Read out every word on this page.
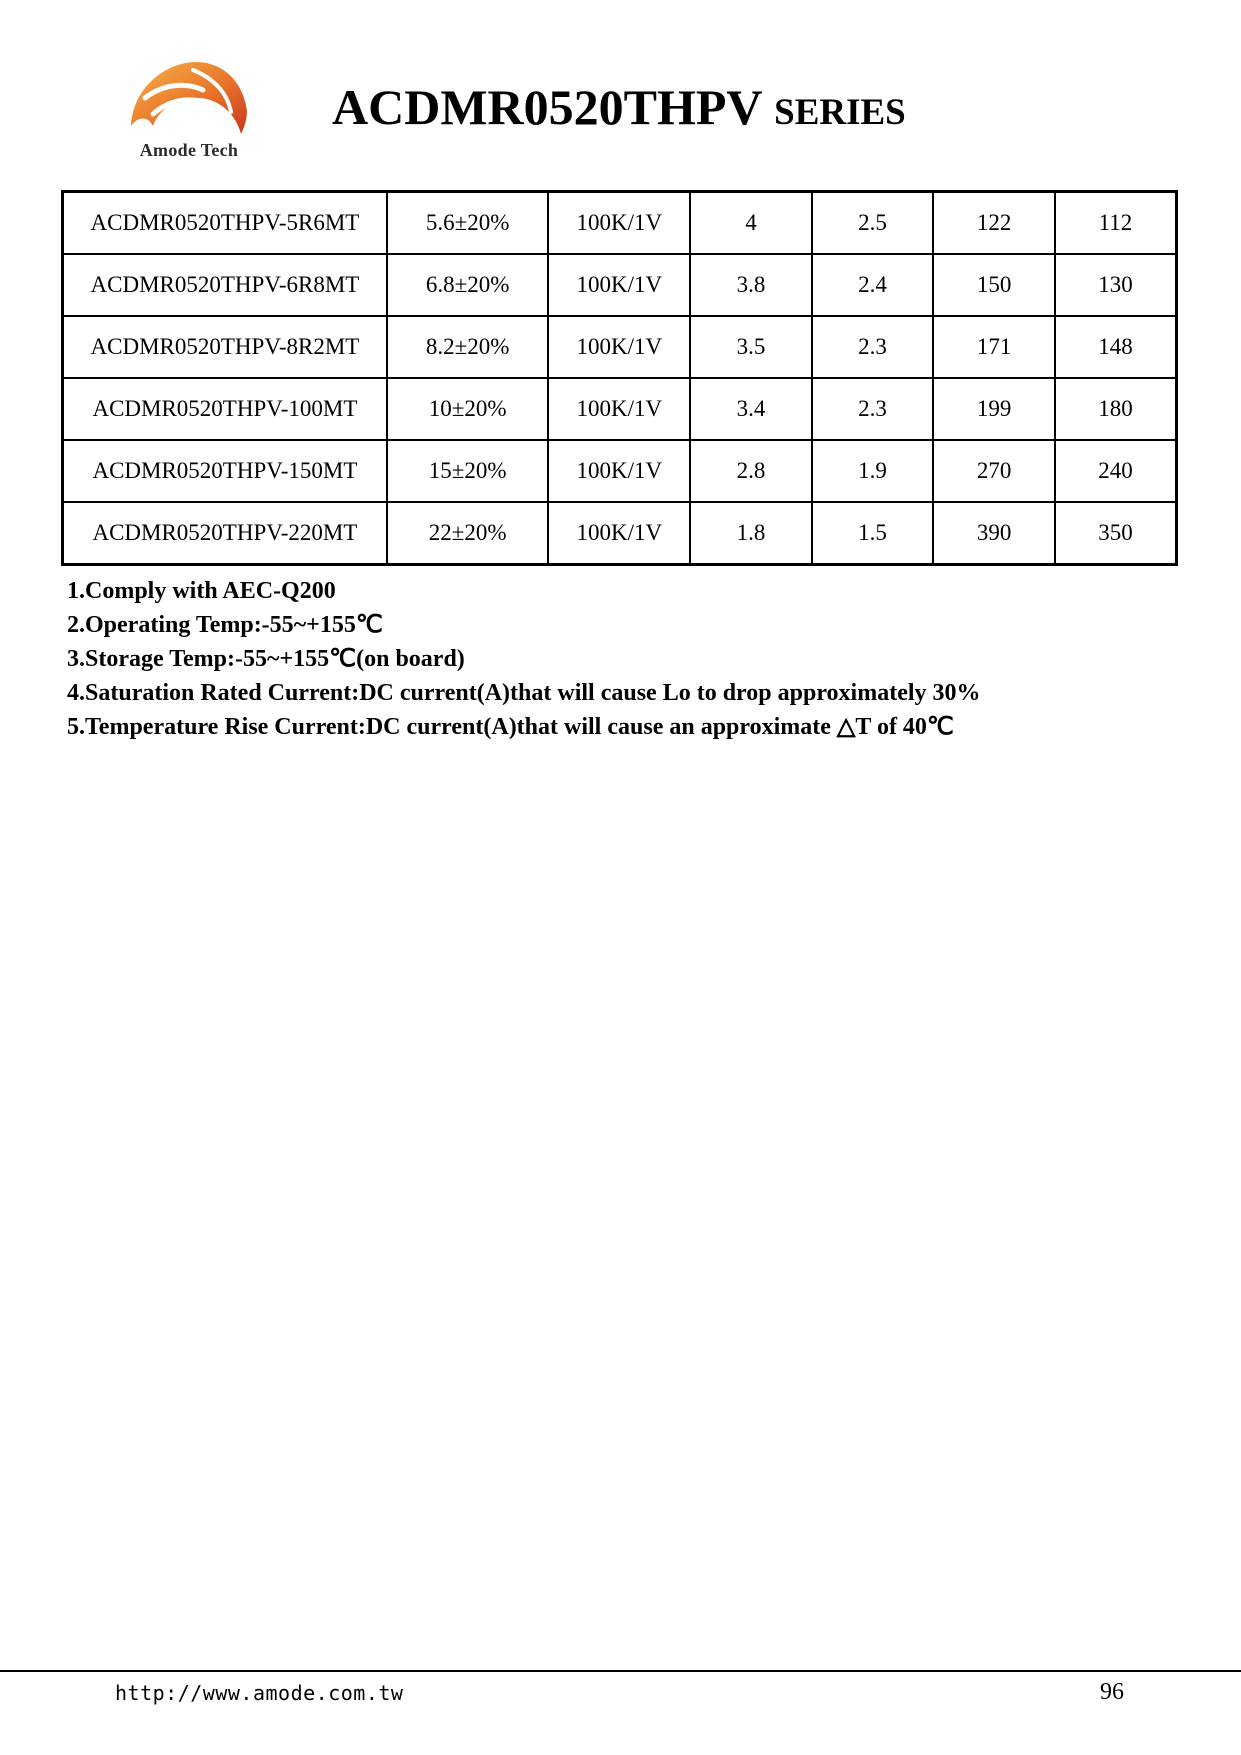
Amode Tech
ACDMR0520THPV SERIES
ACDMR0520THPV-5R6MT	5.6±20%	100K/1V	4	2.5	122	112
ACDMR0520THPV-6R8MT	6.8±20%	100K/1V	3.8	2.4	150	130
ACDMR0520THPV-8R2MT	8.2±20%	100K/1V	3.5	2.3	171	148
ACDMR0520THPV-100MT	10±20%	100K/1V	3.4	2.3	199	180
ACDMR0520THPV-150MT	15±20%	100K/1V	2.8	1.9	270	240
ACDMR0520THPV-220MT	22±20%	100K/1V	1.8	1.5	390	350
1.Comply with AEC-Q200
2.Operating Temp:-55~+155℃
3.Storage Temp:-55~+155℃(on board)
4.Saturation Rated Current:DC current(A)that will cause Lo to drop approximately 30%
5.Temperature Rise Current:DC current(A)that will cause an approximate △T of 40℃
http://www.amode.com.tw	96
